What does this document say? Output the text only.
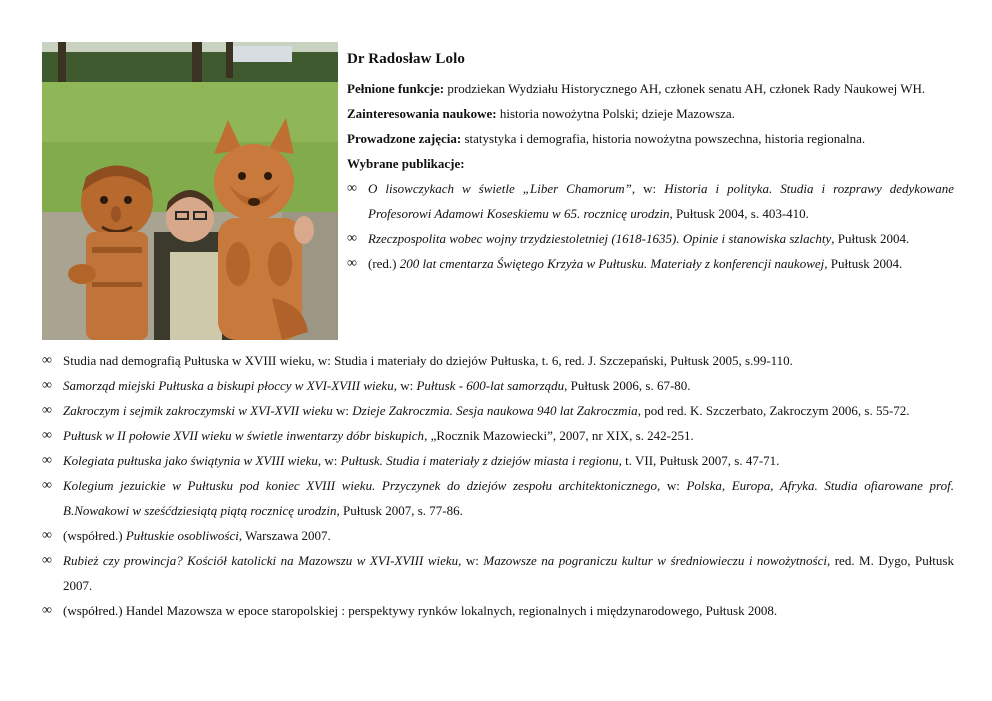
Dr Radosław Lolo

Pełnione funkcje: prodziekan Wydziału Historycznego AH, członek senatu AH, członek Rady Naukowej WH.

Zainteresowania naukowe: historia nowożytna Polski; dzieje Mazowsza.

Prowadzone zajęcia: statystyka i demografia, historia nowożytna powszechna, historia regionalna.

Wybrane publikacje:

∞ O lisowczykach w świetle „Liber Chamorum”, w: Historia i polityka. Studia i rozprawy dedykowane Profesorowi Adamowi Koseskiemu w 65. rocznicę urodzin, Pułtusk 2004, s. 403-410.
∞ Rzeczpospolita wobec wojny trzydziestoletniej (1618-1635). Opinie i stanowiska szlachty, Pułtusk 2004.
∞ (red.) 200 lat cmentarza Świętego Krzyża w Pułtusku. Materiały z konferencji naukowej, Pułtusk 2004.
∞ Studia nad demografią Pułtuska w XVIII wieku, w: Studia i materiały do dziejów Pułtuska, t. 6, red. J. Szczepański, Pułtusk 2005, s.99-110.
∞ Samorząd miejski Pułtuska a biskupi płoccy w XVI-XVIII wieku, w: Pułtusk - 600-lat samorządu, Pułtusk 2006, s. 67-80.
∞ Zakroczym i sejmik zakroczymski w XVI-XVII wieku w: Dzieje Zakroczmia. Sesja naukowa 940 lat Zakroczmia, pod red. K. Szczerbato, Zakroczym 2006, s. 55-72.
∞ Pułtusk w II połowie XVII wieku w świetle inwentarzy dóbr biskupich, „Rocznik Mazowiecki”, 2007, nr XIX, s. 242-251.
∞ Kolegiata pułtuska jako świątynia w XVIII wieku, w: Pułtusk. Studia i materiały z dziejów miasta i regionu, t. VII, Pułtusk 2007, s. 47-71.
∞ Kolegium jezuickie w Pułtusku pod koniec XVIII wieku. Przyczynek do dziejów zespołu architektonicznego, w: Polska, Europa, Afryka. Studia ofiarowane prof. B.Nowakowi w sześćdziesiątą piątą rocznicę urodzin, Pułtusk 2007, s. 77-86.
∞ (współred.) Pułtuskie osobliwości, Warszawa 2007.
∞ Rubież czy prowincja? Kościół katolicki na Mazowszu w XVI-XVIII wieku, w: Mazowsze na pograniczu kultur w średniowieczu i nowożytności, red. M. Dygo, Pułtusk 2007.
∞ (współred.) Handel Mazowsza w epoce staropolskiej : perspektywy rynków lokalnych, regionalnych i międzynarodowego, Pułtusk 2008.
